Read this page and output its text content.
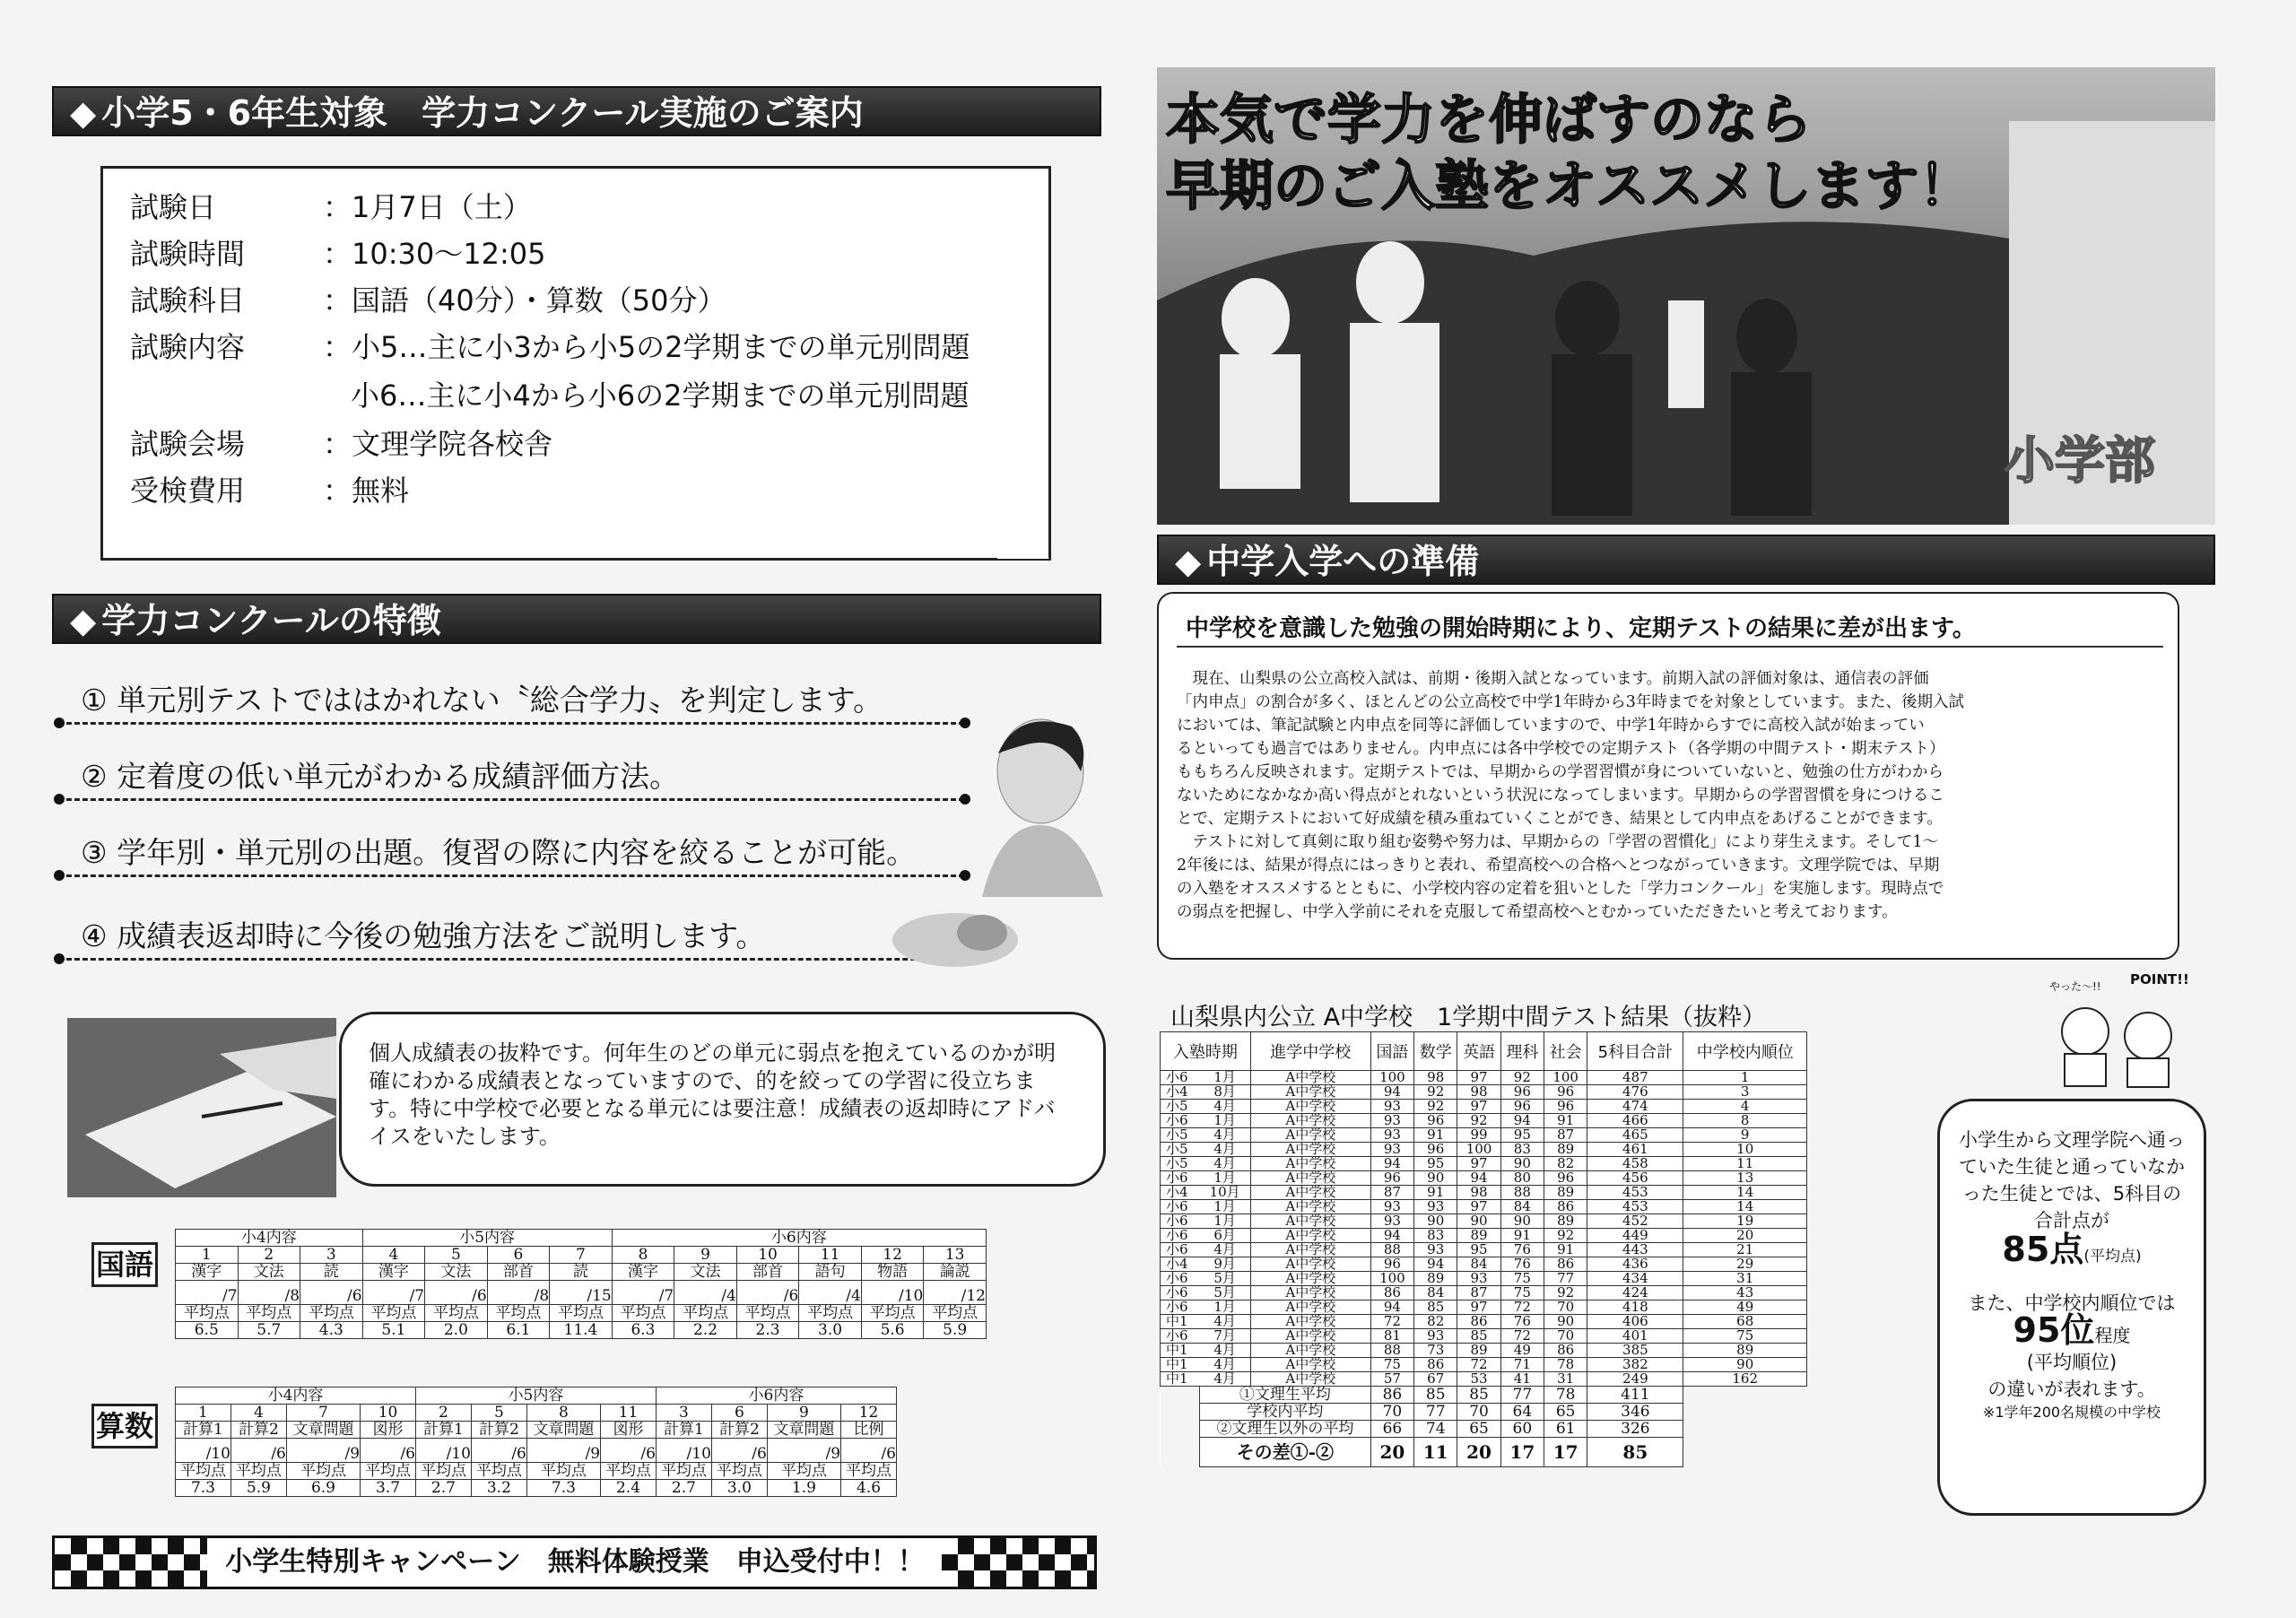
◆ 小学5・6年生対象　学力コンクール実施のご案内
試験日	：1月7日（土）
試験時間	：10:30〜12:05
試験科目	：国語（40分）・算数（50分）
試験内容	：小5…主に小3から小5の2学期までの単元別問題
小6…主に小4から小6の2学期までの単元別問題
試験会場	：文理学院各校舎
受検費用	：無料
◆ 学力コンクールの特徴
① 単元別テストでははかれない〝総合学力〟を判定します。
② 定着度の低い単元がわかる成績評価方法。
③ 学年別・単元別の出題。復習の際に内容を絞ることが可能。
④ 成績表返却時に今後の勉強方法をご説明します。
個人成績表の抜粋です。何年生のどの単元に弱点を抱えているのかが明確にわかる成績表となっていますので、的を絞っての学習に役立ちます。特に中学校で必要となる単元には要注意！成績表の返却時にアドバイスをいたします。
国語
小4内容			小5内容				小6内容					
1	2	3	4	5	6	7	8	9	10	11	12	13
漢字	文法	読	漢字	文法	部首	読	漢字	文法	部首	語句	物語	論説
/7	/8	/6	/7	/6	/8	/15	/7	/4	/6	/4	/10	/12
平均点	平均点	平均点	平均点	平均点	平均点	平均点	平均点	平均点	平均点	平均点	平均点	平均点
6.5	5.7	4.3	5.1	2.0	6.1	11.4	6.3	2.2	2.3	3.0	5.6	5.9
算数
小4内容				小5内容				小6内容			
1	4	7	10	2	5	8	11	3	6	9	12
計算1	計算2	文章問題	図形	計算1	計算2	文章問題	図形	計算1	計算2	文章問題	比例
/10	/6	/9	/6	/10	/6	/9	/6	/10	/6	/9	/6
平均点	平均点	平均点	平均点	平均点	平均点	平均点	平均点	平均点	平均点	平均点	平均点
7.3	5.9	6.9	3.7	2.7	3.2	7.3	2.4	2.7	3.0	1.9	4.6
小学生特別キャンペーン　無料体験授業　申込受付中！！
本気で学力を伸ばすのなら
早期のご入塾をオススメします！
小学部
◆ 中学入学への準備
中学校を意識した勉強の開始時期により、定期テストの結果に差が出ます。
　現在、山梨県の公立高校入試は、前期・後期入試となっています。前期入試の評価対象は、通信表の評価
「内申点」の割合が多く、ほとんどの公立高校で中学1年時から3年時までを対象としています。また、後期入試
においては、筆記試験と内申点を同等に評価していますので、中学1年時からすでに高校入試が始まってい
るといっても過言ではありません。内申点には各中学校での定期テスト（各学期の中間テスト・期末テスト）
ももちろん反映されます。定期テストでは、早期からの学習習慣が身についていないと、勉強の仕方がわから
ないためになかなか高い得点がとれないという状況になってしまいます。早期からの学習習慣を身につけるこ
とで、定期テストにおいて好成績を積み重ねていくことができ、結果として内申点をあげることができます。
　テストに対して真剣に取り組む姿勢や努力は、早期からの「学習の習慣化」により芽生えます。そして1〜
2年後には、結果が得点にはっきりと表れ、希望高校への合格へとつながっていきます。文理学院では、早期
の入塾をオススメするとともに、小学校内容の定着を狙いとした「学力コンクール」を実施します。現時点で
の弱点を把握し、中学入学前にそれを克服して希望高校へとむかっていただきたいと考えております。
山梨県内公立 A中学校　1学期中間テスト結果（抜粋）
POINT!!
やった〜!!
入塾時期		進学中学校	国語	数学	英語	理科	社会	5科目合計	中学校内順位
小6	1月	A中学校	100	98	97	92	100	487	1
小4	8月	A中学校	94	92	98	96	96	476	3
小5	4月	A中学校	93	92	97	96	96	474	4
小6	1月	A中学校	93	96	92	94	91	466	8
小5	4月	A中学校	93	91	99	95	87	465	9
小5	4月	A中学校	93	96	100	83	89	461	10
小5	4月	A中学校	94	95	97	90	82	458	11
小6	1月	A中学校	96	90	94	80	96	456	13
小4	10月	A中学校	87	91	98	88	89	453	14
小6	1月	A中学校	93	93	97	84	86	453	14
小6	1月	A中学校	93	90	90	90	89	452	19
小6	6月	A中学校	94	83	89	91	92	449	20
小6	4月	A中学校	88	93	95	76	91	443	21
小4	9月	A中学校	96	94	84	76	86	436	29
小6	5月	A中学校	100	89	93	75	77	434	31
小6	5月	A中学校	86	84	87	75	92	424	43
小6	1月	A中学校	94	85	97	72	70	418	49
中1	4月	A中学校	72	82	86	76	90	406	68
小6	7月	A中学校	81	93	85	72	70	401	75
中1	4月	A中学校	88	73	89	49	86	385	89
中1	4月	A中学校	75	86	72	71	78	382	90
中1	4月	A中学校	57	67	53	41	31	249	162
	①文理生平均		86	85	85	77	78	411	
	学校内平均		70	77	70	64	65	346	
	②文理生以外の平均		66	74	65	60	61	326	
	その差①-②		20	11	20	17	17	85	
小学生から文理学院へ通っていた生徒と通っていなかった生徒とでは、5科目の合計点が
85点(平均点)
また、中学校内順位では
95位程度
(平均順位)
の違いが表れます。
※1学年200名規模の中学校
